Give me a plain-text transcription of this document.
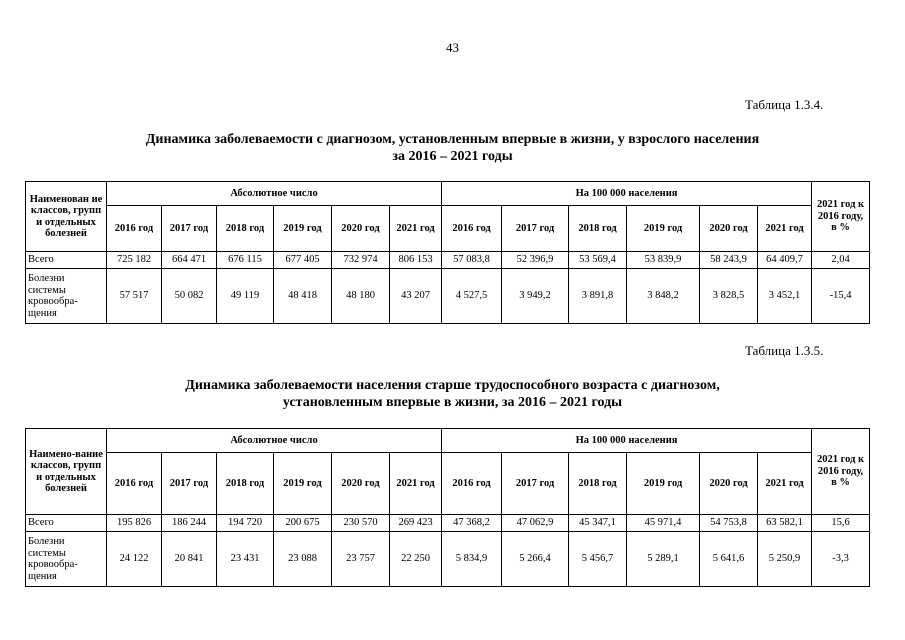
43
Таблица 1.3.4.
Динамика заболеваемости с диагнозом, установленным впервые в жизни, у взрослого населения
за 2016 – 2021 годы
Наименован ие классов, групп и отдельных болезней	Абсолютное число						На 100 000 населения						2021 год к 2016 году, в %
	2016 год	2017 год	2018 год	2019 год	2020 год	2021 год	2016 год	2017 год	2018 год	2019 год	2020 год	2021 год	
Всего	725 182	664 471	676 115	677 405	732 974	806 153	57 083,8	52 396,9	53 569,4	53 839,9	58 243,9	64 409,7	2,04
Болезни системы кровообра-щения	57 517	50 082	49 119	48 418	48 180	43 207	4 527,5	3 949,2	3 891,8	3 848,2	3 828,5	3 452,1	-15,4
Таблица 1.3.5.
Динамика заболеваемости населения старше трудоспособного возраста с диагнозом,
установленным впервые в жизни, за 2016 – 2021 годы
Наимено-вание классов, групп и отдельных болезней	Абсолютное число						На 100 000 населения						2021 год к 2016 году, в %
	2016 год	2017 год	2018 год	2019 год	2020 год	2021 год	2016 год	2017 год	2018 год	2019 год	2020 год	2021 год	
Всего	195 826	186 244	194 720	200 675	230 570	269 423	47 368,2	47 062,9	45 347,1	45 971,4	54 753,8	63 582,1	15,6
Болезни системы кровообра-щения	24 122	20 841	23 431	23 088	23 757	22 250	5 834,9	5 266,4	5 456,7	5 289,1	5 641,6	5 250,9	-3,3
